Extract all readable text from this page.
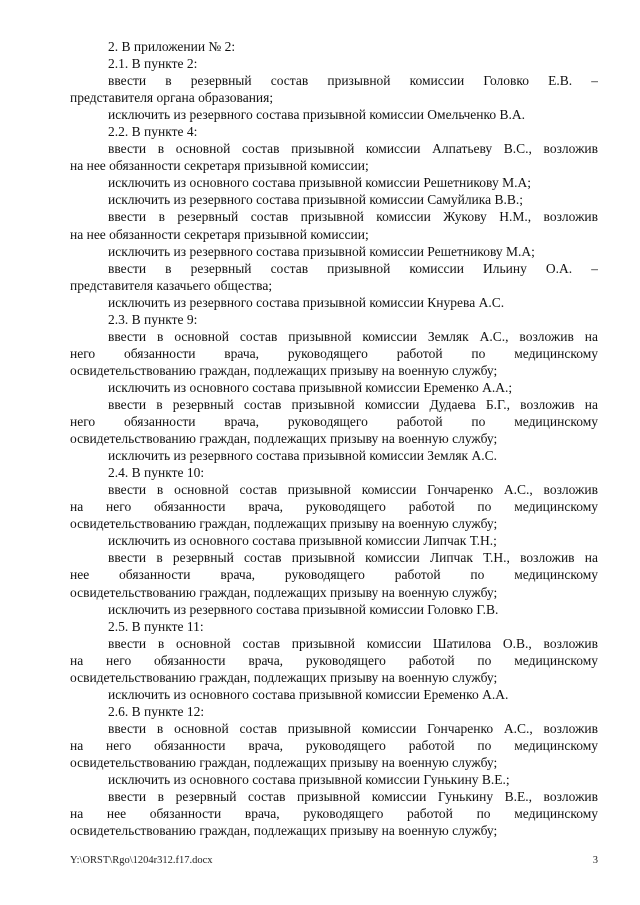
2. В приложении № 2:
2.1. В пункте 2:
ввести в резервный состав призывной комиссии Головко Е.В. –
представителя органа образования;
исключить из резервного состава призывной комиссии Омельченко В.А.
2.2. В пункте 4:
ввести в основной состав призывной комиссии Алпатьеву В.С., возложив
на нее обязанности секретаря призывной комиссии;
исключить из основного состава призывной комиссии Решетникову М.А;
исключить из резервного состава призывной комиссии Самуйлика В.В.;
ввести в резервный состав призывной комиссии Жукову Н.М., возложив
на нее обязанности секретаря призывной комиссии;
исключить из резервного состава призывной комиссии Решетникову М.А;
ввести в резервный состав призывной комиссии Ильину О.А. –
представителя казачьего общества;
исключить из резервного состава призывной комиссии Кнурева А.С.
2.3. В пункте 9:
ввести в основной состав призывной комиссии Земляк А.С., возложив на
него обязанности врача, руководящего работой по медицинскому
освидетельствованию граждан, подлежащих призыву на военную службу;
исключить из основного состава призывной комиссии Еременко А.А.;
ввести в резервный состав призывной комиссии Дудаева Б.Г., возложив на
него обязанности врача, руководящего работой по медицинскому
освидетельствованию граждан, подлежащих призыву на военную службу;
исключить из резервного состава призывной комиссии Земляк А.С.
2.4. В пункте 10:
ввести в основной состав призывной комиссии Гончаренко А.С., возложив
на него обязанности врача, руководящего работой по медицинскому
освидетельствованию граждан, подлежащих призыву на военную службу;
исключить из основного состава призывной комиссии Липчак Т.Н.;
ввести в резервный состав призывной комиссии Липчак Т.Н., возложив на
нее обязанности врача, руководящего работой по медицинскому
освидетельствованию граждан, подлежащих призыву на военную службу;
исключить из резервного состава призывной комиссии Головко Г.В.
2.5. В пункте 11:
ввести в основной состав призывной комиссии Шатилова О.В., возложив
на него обязанности врача, руководящего работой по медицинскому
освидетельствованию граждан, подлежащих призыву на военную службу;
исключить из основного состава призывной комиссии Еременко А.А.
2.6. В пункте 12:
ввести в основной состав призывной комиссии Гончаренко А.С., возложив
на него обязанности врача, руководящего работой по медицинскому
освидетельствованию граждан, подлежащих призыву на военную службу;
исключить из основного состава призывной комиссии Гунькину В.Е.;
ввести в резервный состав призывной комиссии Гунькину В.Е., возложив
на нее обязанности врача, руководящего работой по медицинскому
освидетельствованию граждан, подлежащих призыву на военную службу;
Y:\ORST\Rgo\1204r312.f17.docx	3
